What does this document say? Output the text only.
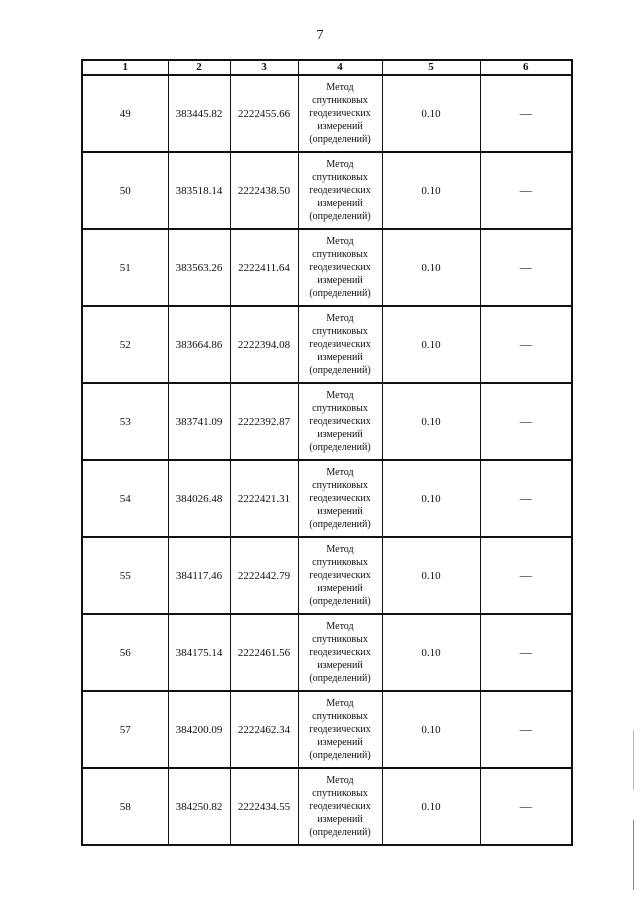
7
1	2	3	4	5	6
49	383445.82	2222455.66	Метод спутниковых геодезических измерений (определений)	0.10	—
50	383518.14	2222438.50	Метод спутниковых геодезических измерений (определений)	0.10	—
51	383563.26	2222411.64	Метод спутниковых геодезических измерений (определений)	0.10	—
52	383664.86	2222394.08	Метод спутниковых геодезических измерений (определений)	0.10	—
53	383741.09	2222392.87	Метод спутниковых геодезических измерений (определений)	0.10	—
54	384026.48	2222421.31	Метод спутниковых геодезических измерений (определений)	0.10	—
55	384117.46	2222442.79	Метод спутниковых геодезических измерений (определений)	0.10	—
56	384175.14	2222461.56	Метод спутниковых геодезических измерений (определений)	0.10	—
57	384200.09	2222462.34	Метод спутниковых геодезических измерений (определений)	0.10	—
58	384250.82	2222434.55	Метод спутниковых геодезических измерений (определений)	0.10	—
